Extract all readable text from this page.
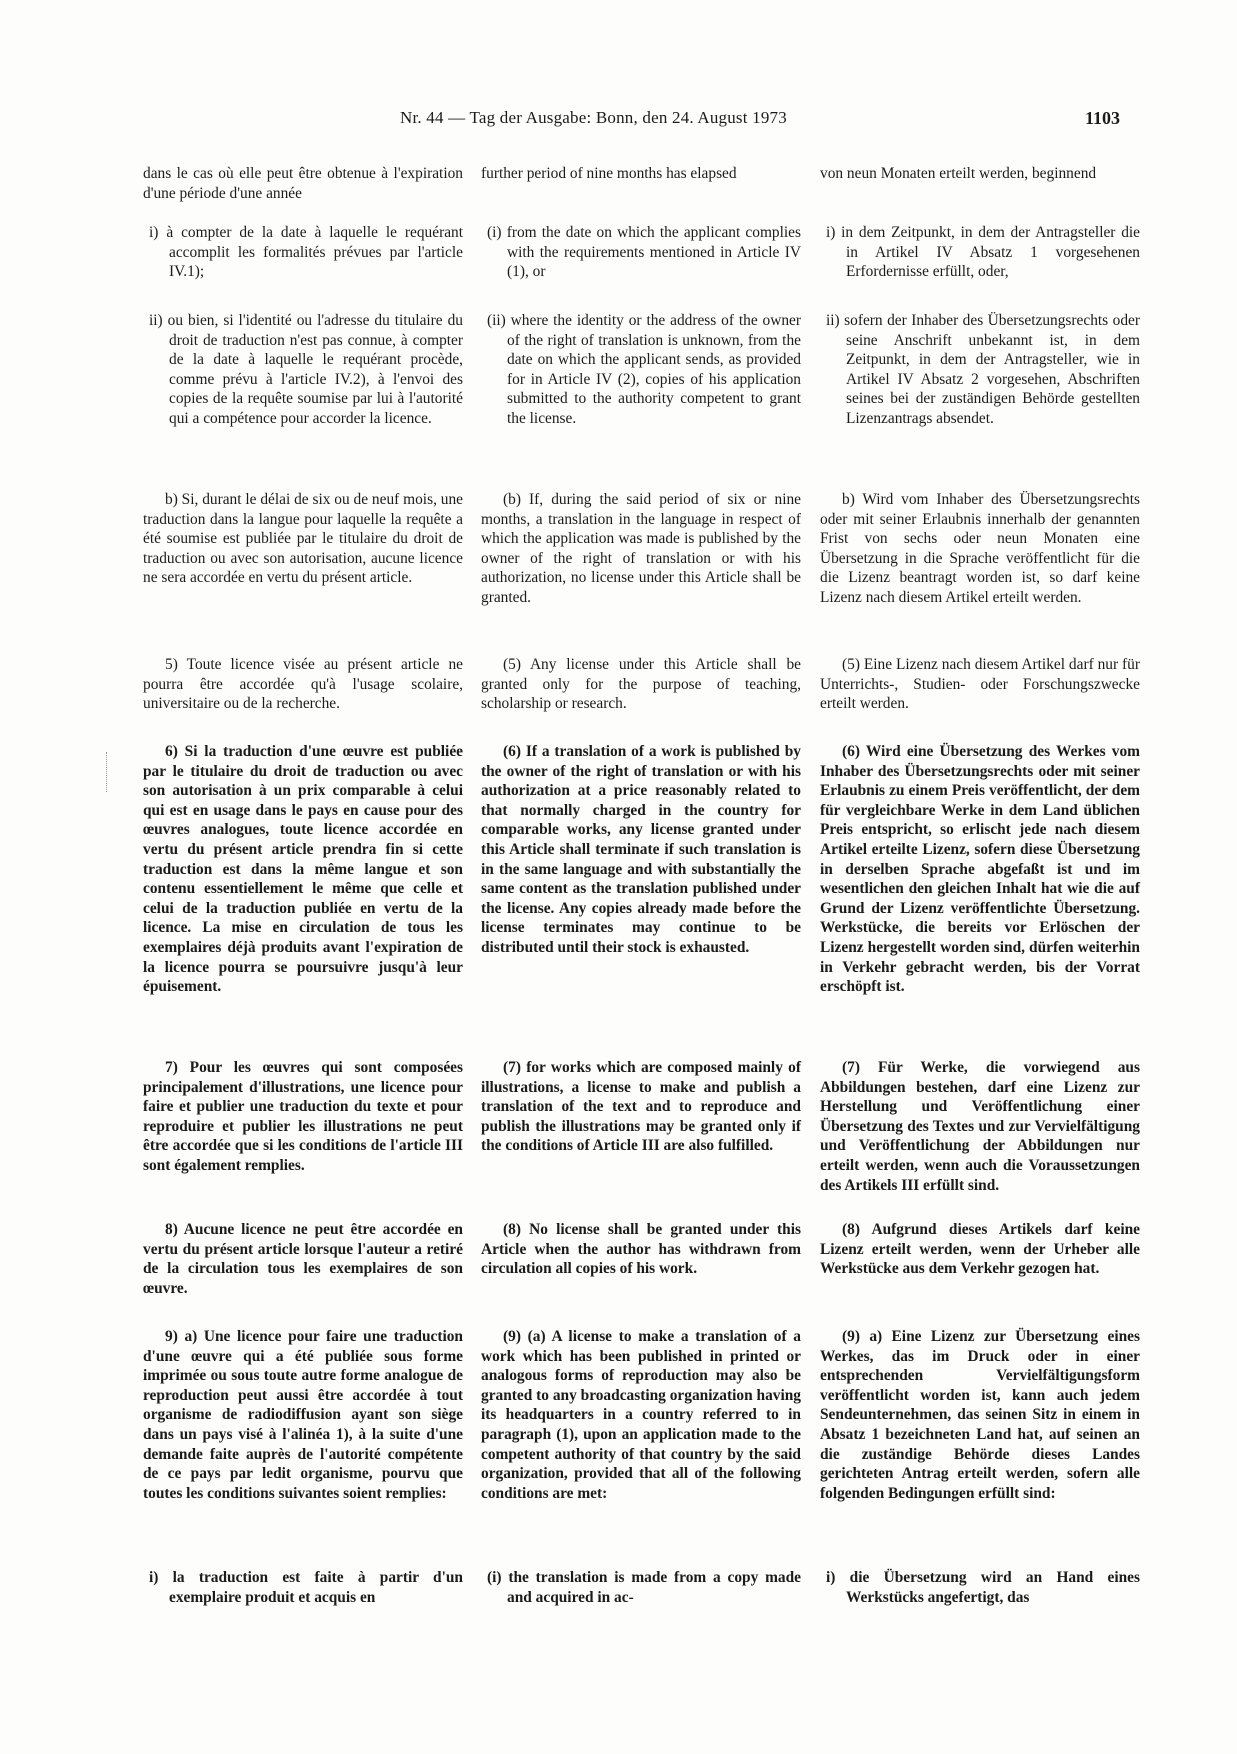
Nr. 44 — Tag der Ausgabe: Bonn, den 24. August 1973	1103
dans le cas où elle peut être obtenue à l'expiration d'une période d'une année
i) à compter de la date à laquelle le requérant accomplit les formalités prévues par l'article IV.1);
ii) ou bien, si l'identité ou l'adresse du titulaire du droit de traduction n'est pas connue, à compter de la date à laquelle le requérant procède, comme prévu à l'article IV.2), à l'envoi des copies de la requête soumise par lui à l'autorité qui a compétence pour accorder la licence.
b) Si, durant le délai de six ou de neuf mois, une traduction dans la langue pour laquelle la requête a été soumise est publiée par le titulaire du droit de traduction ou avec son autorisation, aucune licence ne sera accordée en vertu du présent article.
5) Toute licence visée au présent article ne pourra être accordée qu'à l'usage scolaire, universitaire ou de la recherche.
6) Si la traduction d'une œuvre est publiée par le titulaire du droit de traduction ou avec son autorisation à un prix comparable à celui qui est en usage dans le pays en cause pour des œuvres analogues, toute licence accordée en vertu du présent article prendra fin si cette traduction est dans la même langue et son contenu essentiellement le même que celle et celui de la traduction publiée en vertu de la licence. La mise en circulation de tous les exemplaires déjà produits avant l'expiration de la licence pourra se poursuivre jusqu'à leur épuisement.
7) Pour les œuvres qui sont composées principalement d'illustrations, une licence pour faire et publier une traduction du texte et pour reproduire et publier les illustrations ne peut être accordée que si les conditions de l'article III sont également remplies.
8) Aucune licence ne peut être accordée en vertu du présent article lorsque l'auteur a retiré de la circulation tous les exemplaires de son œuvre.
9) a) Une licence pour faire une traduction d'une œuvre qui a été publiée sous forme imprimée ou sous toute autre forme analogue de reproduction peut aussi être accordée à tout organisme de radiodiffusion ayant son siège dans un pays visé à l'alinéa 1), à la suite d'une demande faite auprès de l'autorité compétente de ce pays par ledit organisme, pourvu que toutes les conditions suivantes soient remplies:
i) la traduction est faite à partir d'un exemplaire produit et acquis en
further period of nine months has elapsed
(i) from the date on which the applicant complies with the requirements mentioned in Article IV (1), or
(ii) where the identity or the address of the owner of the right of translation is unknown, from the date on which the applicant sends, as provided for in Article IV (2), copies of his application submitted to the authority competent to grant the license.
(b) If, during the said period of six or nine months, a translation in the language in respect of which the application was made is published by the owner of the right of translation or with his authorization, no license under this Article shall be granted.
(5) Any license under this Article shall be granted only for the purpose of teaching, scholarship or research.
(6) If a translation of a work is published by the owner of the right of translation or with his authorization at a price reasonably related to that normally charged in the country for comparable works, any license granted under this Article shall terminate if such translation is in the same language and with substantially the same content as the translation published under the license. Any copies already made before the license terminates may continue to be distributed until their stock is exhausted.
(7) for works which are composed mainly of illustrations, a license to make and publish a translation of the text and to reproduce and publish the illustrations may be granted only if the conditions of Article III are also fulfilled.
(8) No license shall be granted under this Article when the author has withdrawn from circulation all copies of his work.
(9) (a) A license to make a translation of a work which has been published in printed or analogous forms of reproduction may also be granted to any broadcasting organization having its headquarters in a country referred to in paragraph (1), upon an application made to the competent authority of that country by the said organization, provided that all of the following conditions are met:
(i) the translation is made from a copy made and acquired in ac-
von neun Monaten erteilt werden, beginnend
i) in dem Zeitpunkt, in dem der Antragsteller die in Artikel IV Absatz 1 vorgesehenen Erfordernisse erfüllt, oder,
ii) sofern der Inhaber des Übersetzungsrechts oder seine Anschrift unbekannt ist, in dem Zeitpunkt, in dem der Antragsteller, wie in Artikel IV Absatz 2 vorgesehen, Abschriften seines bei der zuständigen Behörde gestellten Lizenzantrags absendet.
b) Wird vom Inhaber des Übersetzungsrechts oder mit seiner Erlaubnis innerhalb der genannten Frist von sechs oder neun Monaten eine Übersetzung in die Sprache veröffentlicht für die die Lizenz beantragt worden ist, so darf keine Lizenz nach diesem Artikel erteilt werden.
(5) Eine Lizenz nach diesem Artikel darf nur für Unterrichts-, Studien- oder Forschungszwecke erteilt werden.
(6) Wird eine Übersetzung des Werkes vom Inhaber des Übersetzungsrechts oder mit seiner Erlaubnis zu einem Preis veröffentlicht, der dem für vergleichbare Werke in dem Land üblichen Preis entspricht, so erlischt jede nach diesem Artikel erteilte Lizenz, sofern diese Übersetzung in derselben Sprache abgefaßt ist und im wesentlichen den gleichen Inhalt hat wie die auf Grund der Lizenz veröffentlichte Übersetzung. Werkstücke, die bereits vor Erlöschen der Lizenz hergestellt worden sind, dürfen weiterhin in Verkehr gebracht werden, bis der Vorrat erschöpft ist.
(7) Für Werke, die vorwiegend aus Abbildungen bestehen, darf eine Lizenz zur Herstellung und Veröffentlichung einer Übersetzung des Textes und zur Vervielfältigung und Veröffentlichung der Abbildungen nur erteilt werden, wenn auch die Voraussetzungen des Artikels III erfüllt sind.
(8) Aufgrund dieses Artikels darf keine Lizenz erteilt werden, wenn der Urheber alle Werkstücke aus dem Verkehr gezogen hat.
(9) a) Eine Lizenz zur Übersetzung eines Werkes, das im Druck oder in einer entsprechenden Vervielfältigungsform veröffentlicht worden ist, kann auch jedem Sendeunternehmen, das seinen Sitz in einem in Absatz 1 bezeichneten Land hat, auf seinen an die zuständige Behörde dieses Landes gerichteten Antrag erteilt werden, sofern alle folgenden Bedingungen erfüllt sind:
i) die Übersetzung wird an Hand eines Werkstücks angefertigt, das
